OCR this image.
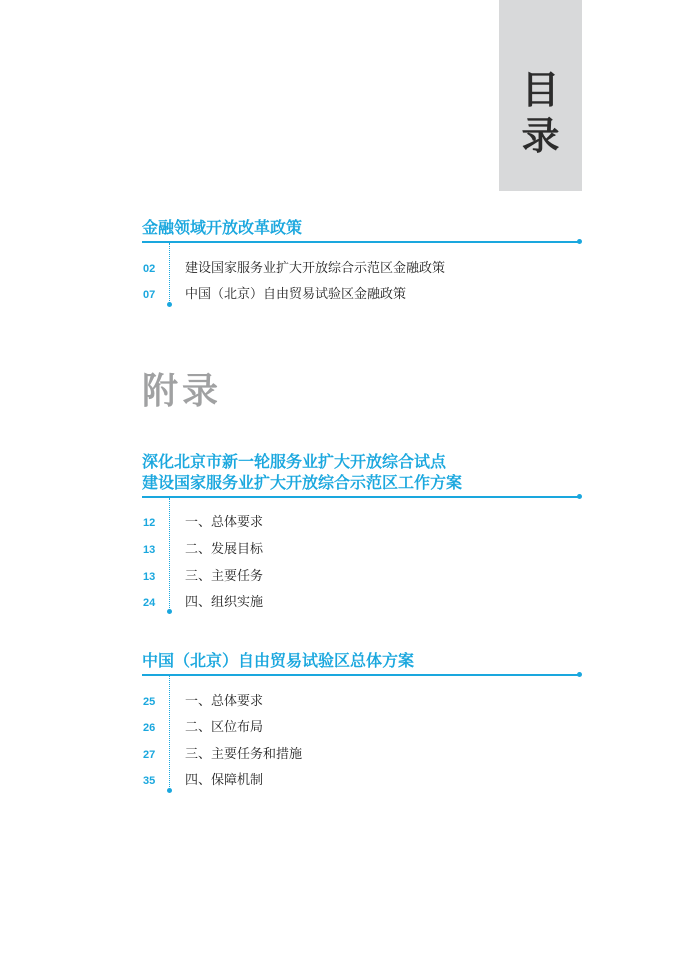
目
录
金融领域开放改革政策
02 建设国家服务业扩大开放综合示范区金融政策
07 中国（北京）自由贸易试验区金融政策
附录
深化北京市新一轮服务业扩大开放综合试点
建设国家服务业扩大开放综合示范区工作方案
12 一、总体要求
13 二、发展目标
13 三、主要任务
24 四、组织实施
中国（北京）自由贸易试验区总体方案
25 一、总体要求
26 二、区位布局
27 三、主要任务和措施
35 四、保障机制
